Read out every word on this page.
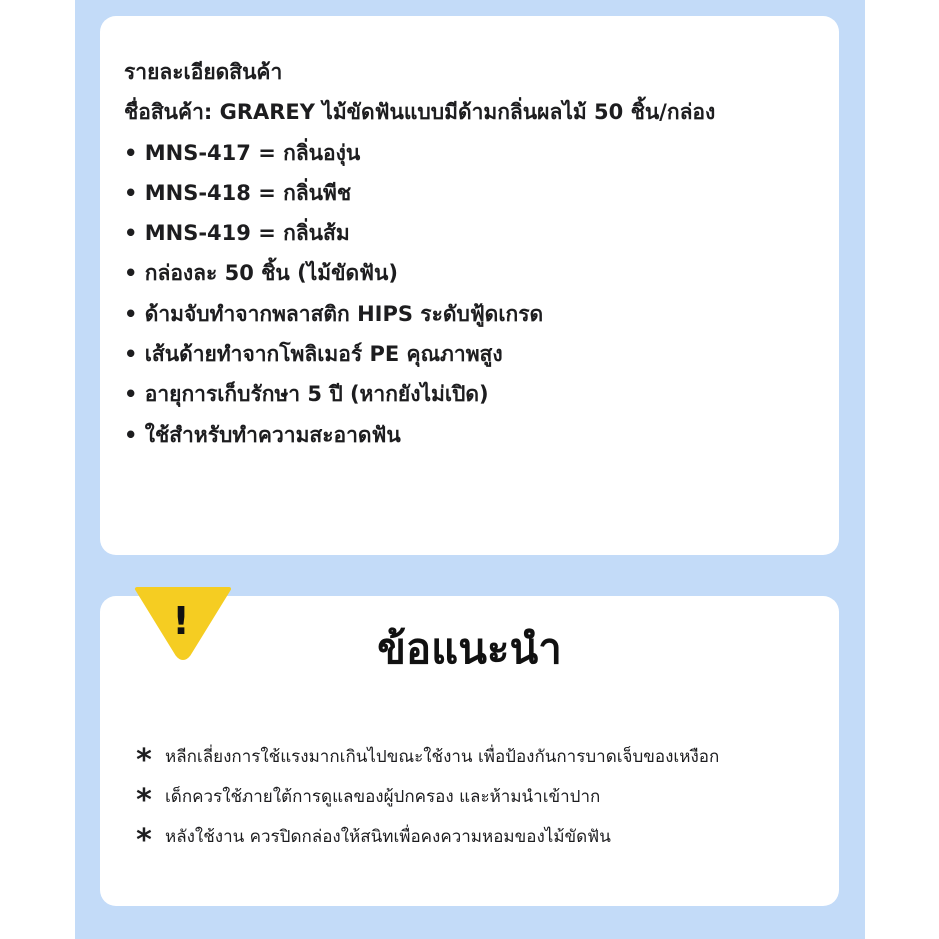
รายละเอียดสินค้า
ชื่อสินค้า: GRAREY ไม้ขัดฟันแบบมีด้ามกลิ่นผลไม้ 50 ชิ้น/กล่อง
• MNS-417 = กลิ่นองุ่น
• MNS-418 = กลิ่นพีช
• MNS-419 = กลิ่นส้ม
• กล่องละ 50 ชิ้น (ไม้ขัดฟัน)
• ด้ามจับทำจากพลาสติก HIPS ระดับฟู้ดเกรด
• เส้นด้ายทำจากโพลิเมอร์ PE คุณภาพสูง
• อายุการเก็บรักษา 5 ปี (หากยังไม่เปิด)
• ใช้สำหรับทำความสะอาดฟัน
!
ข้อแนะนำ
* หลีกเลี่ยงการใช้แรงมากเกินไปขณะใช้งาน เพื่อป้องกันการบาดเจ็บของเหงือก
* เด็กควรใช้ภายใต้การดูแลของผู้ปกครอง และห้ามนำเข้าปาก
* หลังใช้งาน ควรปิดกล่องให้สนิทเพื่อคงความหอมของไม้ขัดฟัน
